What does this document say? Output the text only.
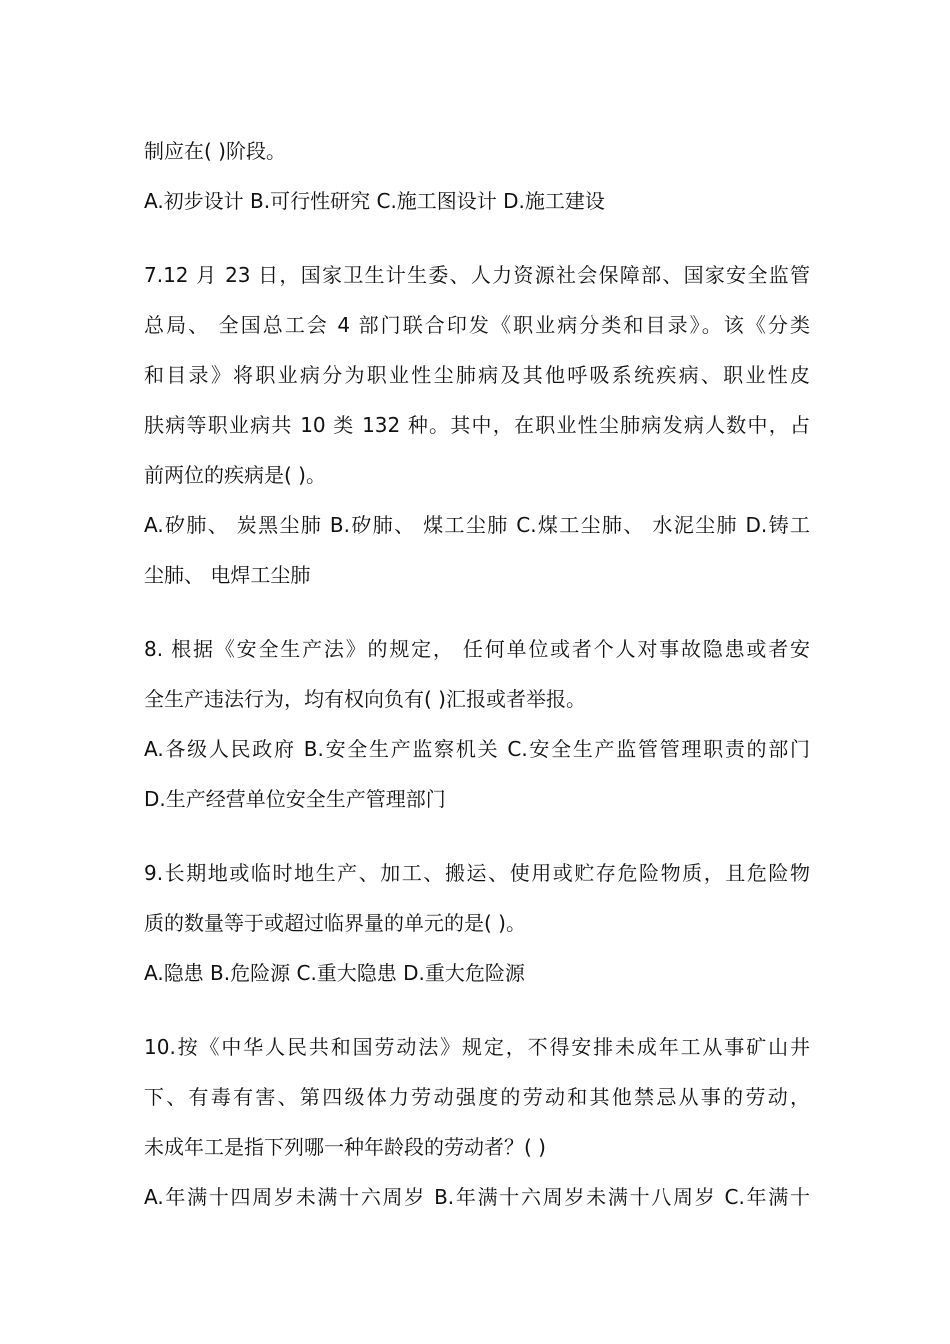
制应在( )阶段。
A.初步设计 B.可行性研究 C.施工图设计 D.施工建设
7.12 月 23 日，国家卫生计生委、人力资源社会保障部、国家安全监管
总局、 全国总工会 4 部门联合印发《职业病分类和目录》。该《分类
和目录》将职业病分为职业性尘肺病及其他呼吸系统疾病、职业性皮
肤病等职业病共 10 类 132 种。其中，在职业性尘肺病发病人数中，占
前两位的疾病是( )。
A.矽肺、 炭黑尘肺 B.矽肺、 煤工尘肺 C.煤工尘肺、 水泥尘肺 D.铸工
尘肺、 电焊工尘肺
8. 根据《安全生产法》的规定， 任何单位或者个人对事故隐患或者安
全生产违法行为，均有权向负有( )汇报或者举报。
A.各级人民政府 B.安全生产监察机关 C.安全生产监管管理职责的部门
D.生产经营单位安全生产管理部门
9.长期地或临时地生产、加工、搬运、使用或贮存危险物质，且危险物
质的数量等于或超过临界量的单元的是( )。
A.隐患 B.危险源 C.重大隐患 D.重大危险源
10.按《中华人民共和国劳动法》规定，不得安排未成年工从事矿山井
下、有毒有害、第四级体力劳动强度的劳动和其他禁忌从事的劳动，
未成年工是指下列哪一种年龄段的劳动者？( )
A.年满十四周岁未满十六周岁 B.年满十六周岁未满十八周岁 C.年满十
